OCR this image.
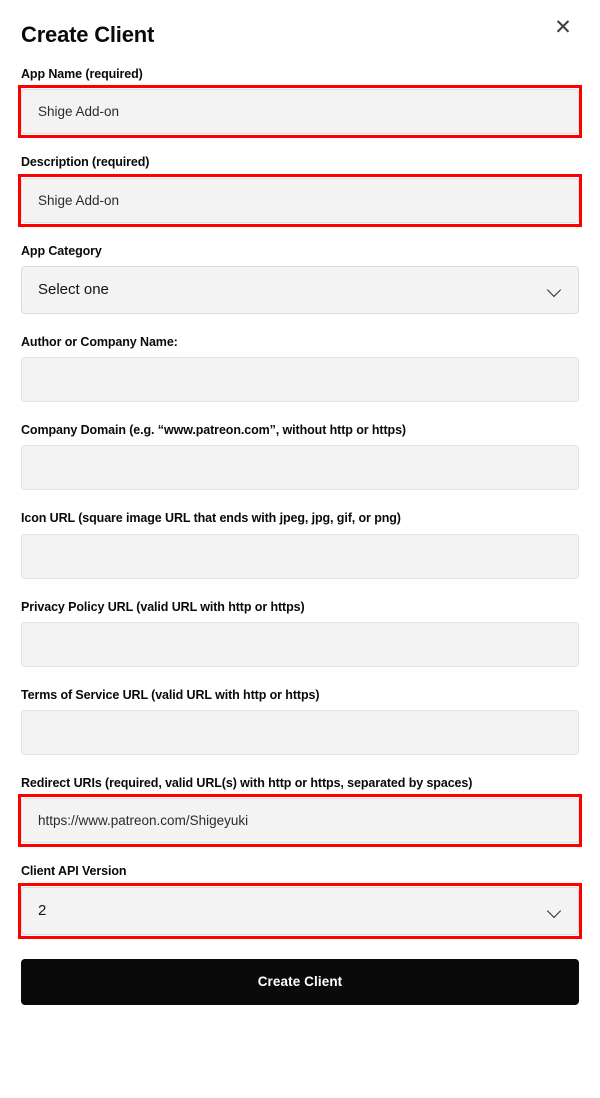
Create Client	✕
App Name (required)
Shige Add-on
Description (required)
Shige Add-on
App Category
Select one
Author or Company Name:
Company Domain (e.g. “www.patreon.com”, without http or https)
Icon URL (square image URL that ends with jpeg, jpg, gif, or png)
Privacy Policy URL (valid URL with http or https)
Terms of Service URL (valid URL with http or https)
Redirect URIs (required, valid URL(s) with http or https, separated by spaces)
https://www.patreon.com/Shigeyuki
Client API Version
2
Create Client
